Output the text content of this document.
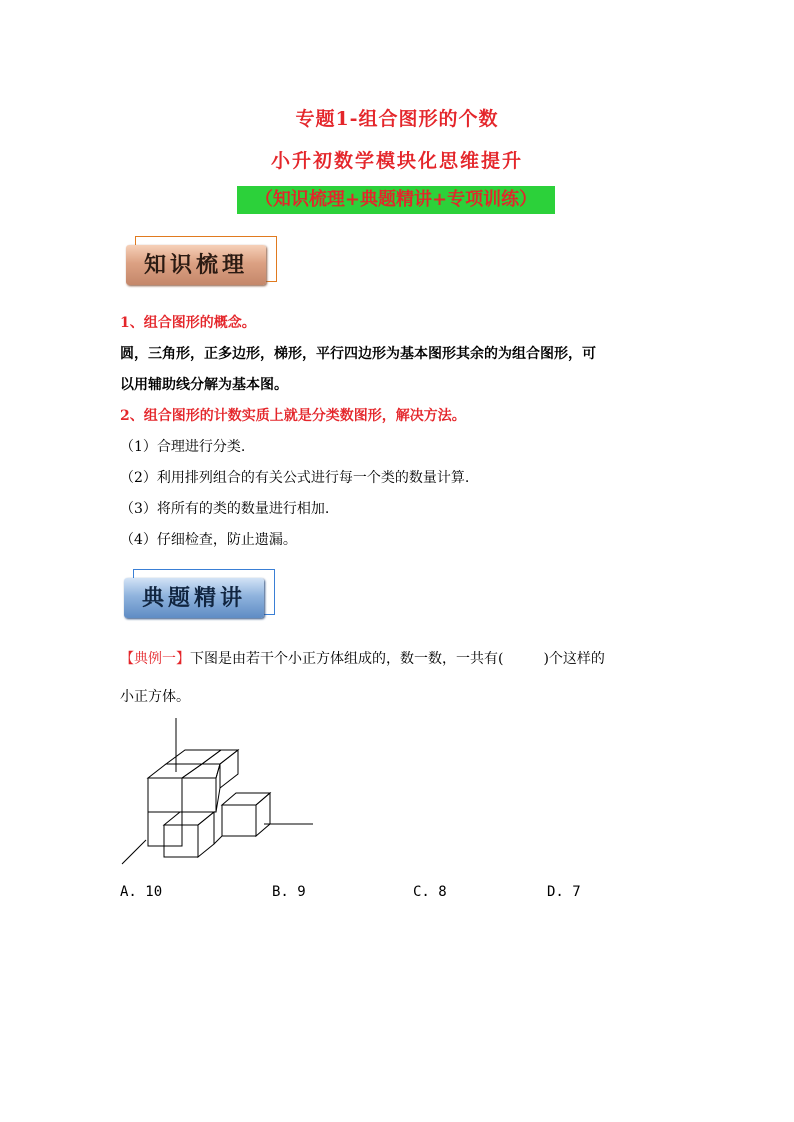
专题1-组合图形的个数
小升初数学模块化思维提升
（知识梳理+典题精讲+专项训练）
知识梳理
1、组合图形的概念。
圆，三角形，正多边形，梯形，平行四边形为基本图形其余的为组合图形，可
以用辅助线分解为基本图。
2、组合图形的计数实质上就是分类数图形，解决方法。
（1）合理进行分类.
（2）利用排列组合的有关公式进行每一个类的数量计算.
（3）将所有的类的数量进行相加.
（4）仔细检查，防止遗漏。
典题精讲
【典例一】下图是由若干个小正方体组成的，数一数，一共有(	)个这样的
小正方体。
A. 10	B. 9	C. 8	D. 7
